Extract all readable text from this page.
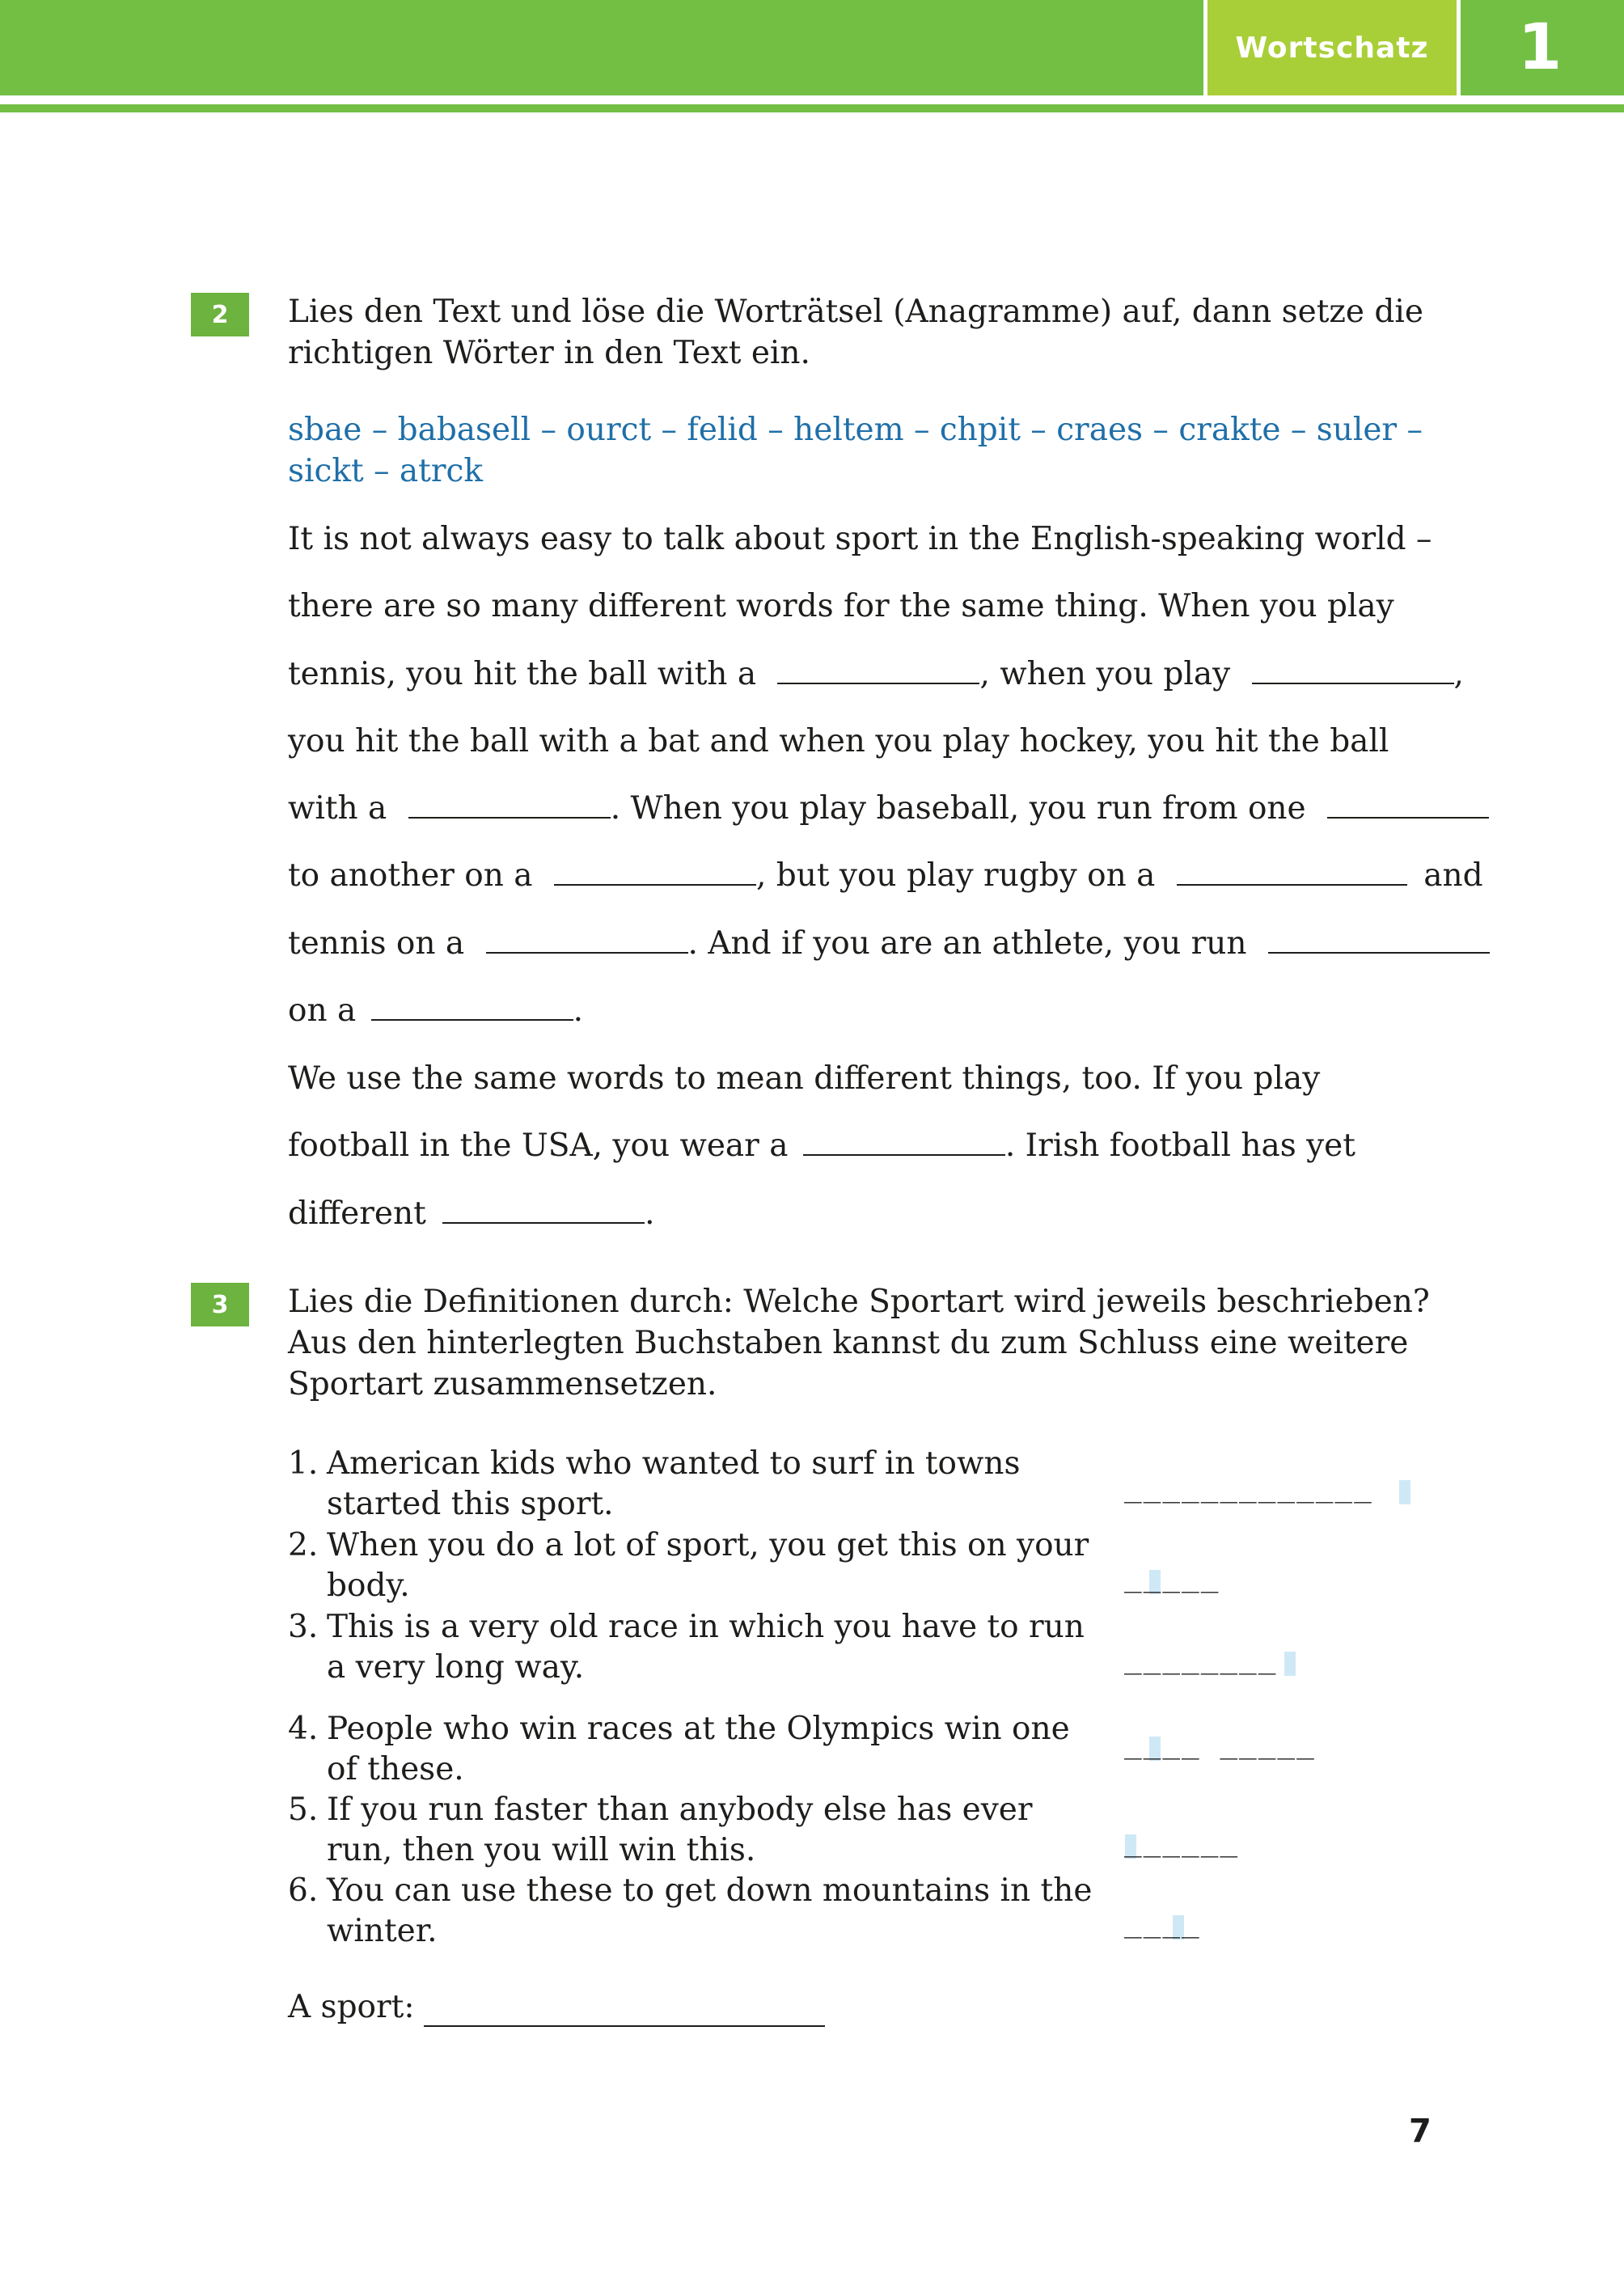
Wortschatz	1
2	Lies den Text und löse die Worträtsel (Anagramme) auf, dann setze die richtigen Wörter in den Text ein.
sbae – babasell – ourct – felid – heltem – chpit – craes – crakte – suler – sickt – atrck
It is not always easy to talk about sport in the English-speaking world –
there are so many different words for the same thing. When you play
tennis, you hit the ball with a	, when you play	,
you hit the ball with a bat and when you play hockey, you hit the ball
with a	. When you play baseball, you run from one
to another on a	, but you play rugby on a	and
tennis on a	. And if you are an athlete, you run
on a	.
We use the same words to mean different things, too. If you play
football in the USA, you wear a	. Irish football has yet
different	.
3	Lies die Definitionen durch: Welche Sportart wird jeweils beschrieben? Aus den hinterlegten Buchstaben kannst du zum Schluss eine weitere Sportart zusammensetzen.
1. American kids who wanted to surf in towns started this sport.	_____________
2. When you do a lot of sport, you get this on your body.	_____
3. This is a very old race in which you have to run a very long way.	________
4. People who win races at the Olympics win one of these.
____ _____
5. If you run faster than anybody else has ever run, then you will win this.	______
6. You can use these to get down mountains in the winter.	____
A sport:
7
